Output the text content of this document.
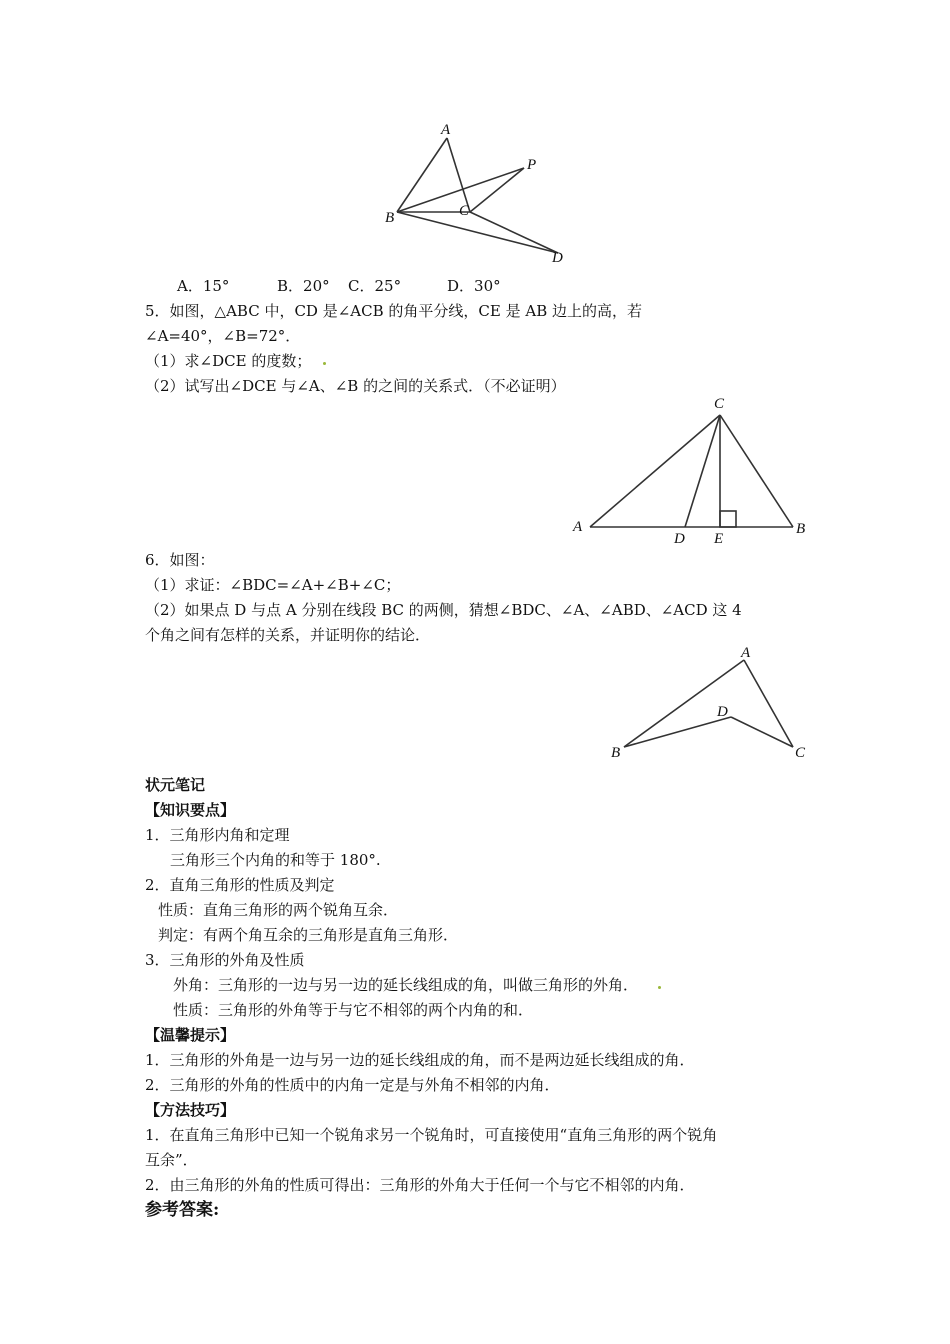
A
P
B	C
D
A．15°	B．20° C．25°	D．30°
5．如图，△ABC 中，CD 是∠ACB 的角平分线，CE 是 AB 边上的高，若
∠A=40°，∠B=72°．
（1）求∠DCE 的度数；
（2）试写出∠DCE 与∠A、∠B 的之间的关系式．（不必证明）
C
A
D E
B
6．如图：
（1）求证：∠BDC=∠A+∠B+∠C；
（2）如果点 D 与点 A 分别在线段 BC 的两侧，猜想∠BDC、∠A、∠ABD、∠ACD 这 4
个角之间有怎样的关系，并证明你的结论．
A
D
B	C
状元笔记
【知识要点】
1．三角形内角和定理
三角形三个内角的和等于 180°.
2．直角三角形的性质及判定
性质：直角三角形的两个锐角互余．
判定：有两个角互余的三角形是直角三角形．
3．三角形的外角及性质
外角：三角形的一边与另一边的延长线组成的角，叫做三角形的外角．
性质：三角形的外角等于与它不相邻的两个内角的和．
【温馨提示】
1．三角形的外角是一边与另一边的延长线组成的角，而不是两边延长线组成的角．
2．三角形的外角的性质中的内角一定是与外角不相邻的内角．
【方法技巧】
1．在直角三角形中已知一个锐角求另一个锐角时，可直接使用“直角三角形的两个锐角
互余”．
2．由三角形的外角的性质可得出：三角形的外角大于任何一个与它不相邻的内角．
参考答案:
